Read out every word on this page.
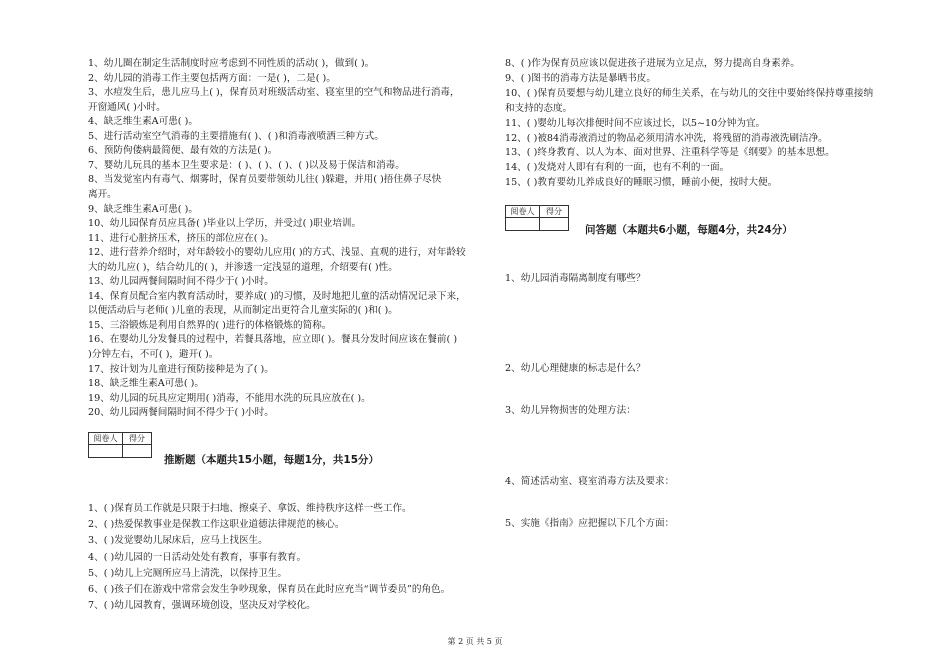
1、幼儿圈在制定生活制度时应考虑到不同性质的活动( )，做到( )。
2、幼儿园的消毒工作主要包括两方面：一是( )，二是( )。
3、水痘发生后，患儿应马上( )，保育员对班级活动室、寝室里的空气和物品进行消毒，
开窗通风( )小时。
4、缺乏维生素A可患( )。
5、进行活动室空气消毒的主要措施有( )、( )和消毒液喷洒三种方式。
6、预防佝偻病最简便、最有效的方法是( )。
7、婴幼儿玩具的基本卫生要求是：( )、( )、( )、( )以及易于保洁和消毒。
8、当发觉室内有毒气、烟雾时，保育员要带领幼儿往( )躲避，并用( )捂住鼻子尽快
离开。
9、缺乏维生素A可患( )。
10、幼儿园保育员应具备( )毕业以上学历，并受过( )职业培训。
11、进行心脏挤压术，挤压的部位应在( )。
12、进行营养介绍时，对年龄较小的婴幼儿应用( )的方式、浅显、直观的进行，对年龄较
大的幼儿应( )，结合幼儿的( )，并渗透一定浅显的道理，介绍要有( )性。
13、幼儿园两餐间隔时间不得少于( )小时。
14、保育员配合室内教育活动时，要养成( )的习惯，及时地把儿童的活动情况记录下来，
以便活动后与老师( )儿童的表现，从而制定出更符合儿童实际的( )和( )。
15、三浴锻炼是利用自然界的( )进行的体格锻炼的简称。
16、在婴幼儿分发餐具的过程中，若餐具落地，应立即( )。餐具分发时间应该在餐前( )
)分钟左右，不可( )，避开( )。
17、按计划为儿童进行预防接种是为了( )。
18、缺乏维生素A可患( )。
19、幼儿园的玩具应定期用( )消毒，不能用水洗的玩具应放在( )。
20、幼儿园两餐间隔时间不得少于( )小时。
阅卷人	得分
推断题（本题共15小题，每题1分，共15分）
1、( )保育员工作就是只限于扫地、擦桌子、拿饭、维持秩序这样一些工作。
2、( )热爱保教事业是保教工作这职业道德法律规范的核心。
3、( )发觉婴幼儿尿床后，应马上找医生。
4、( )幼儿园的一日活动处处有教育，事事有教育。
5、( )幼儿上完厕所应马上清洗，以保持卫生。
6、( )孩子们在游戏中常常会发生争吵现象，保育员在此时应充当“调节委员”的角色。
7、( )幼儿园教育，强调环境创设，坚决反对学校化。
8、( )作为保育员应该以促进孩子进展为立足点，努力提高自身素养。
9、( )图书的消毒方法是暴晒书皮。
10、( )保育员要想与幼儿建立良好的师生关系，在与幼儿的交往中要始终保持尊重接纳
和支持的态度。
11、( )婴幼儿每次排便时间不应该过长，以5~10分钟为宜。
12、( )被84消毒液消过的物品必须用清水冲洗，将残留的消毒液洗刷洁净。
13、( )终身教育、以人为本、面对世界、注重科学等是《纲要》的基本思想。
14、( )发烧对人即有有利的一面，也有不利的一面。
15、( )教育要幼儿养成良好的睡眠习惯，睡前小便，按时大便。
阅卷人	得分
问答题（本题共6小题，每题4分，共24分）
1、幼儿园消毒隔离制度有哪些？
2、幼儿心理健康的标志是什么？
3、幼儿异物损害的处理方法：
4、简述活动室、寝室消毒方法及要求：
5、实施《指南》应把握以下几个方面：
第 2 页 共 5 页
